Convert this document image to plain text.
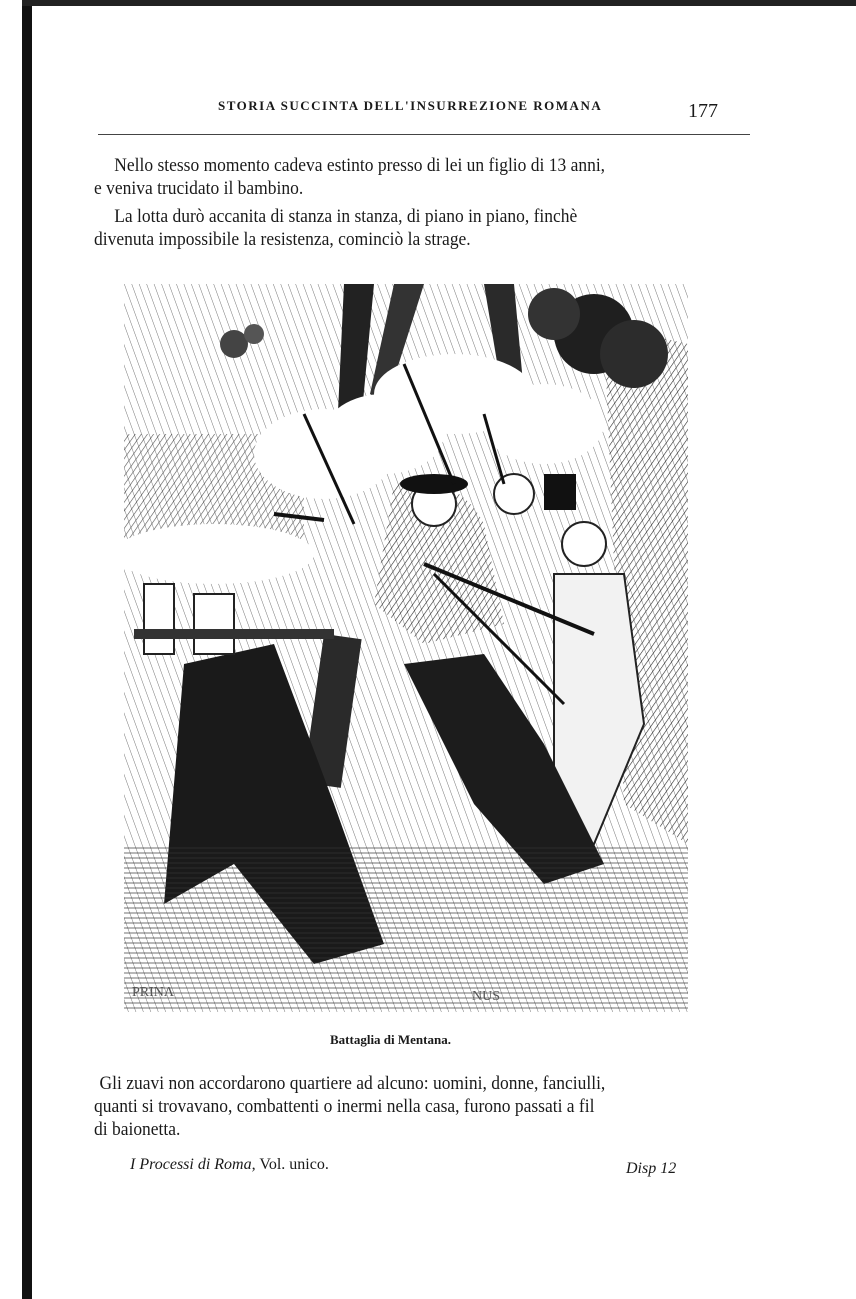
STORIA SUCCINTA DELL'INSURREZIONE ROMANA	177

Nello stesso momento cadeva estinto presso di lei un figlio di 13 anni,
e veniva trucidato il bambino.

La lotta durò accanita di stanza in stanza, di piano in piano, finchè
divenuta impossibile la resistenza, cominciò la strage.

PRINA	NUS
Battaglia di Mentana.

Gli zuavi non accordarono quartiere ad alcuno: uomini, donne, fanciulli,
quanti si trovavano, combattenti o inermi nella casa, furono passati a fil
di baionetta.

I Processi di Roma, Vol. unico.	Disp 12
